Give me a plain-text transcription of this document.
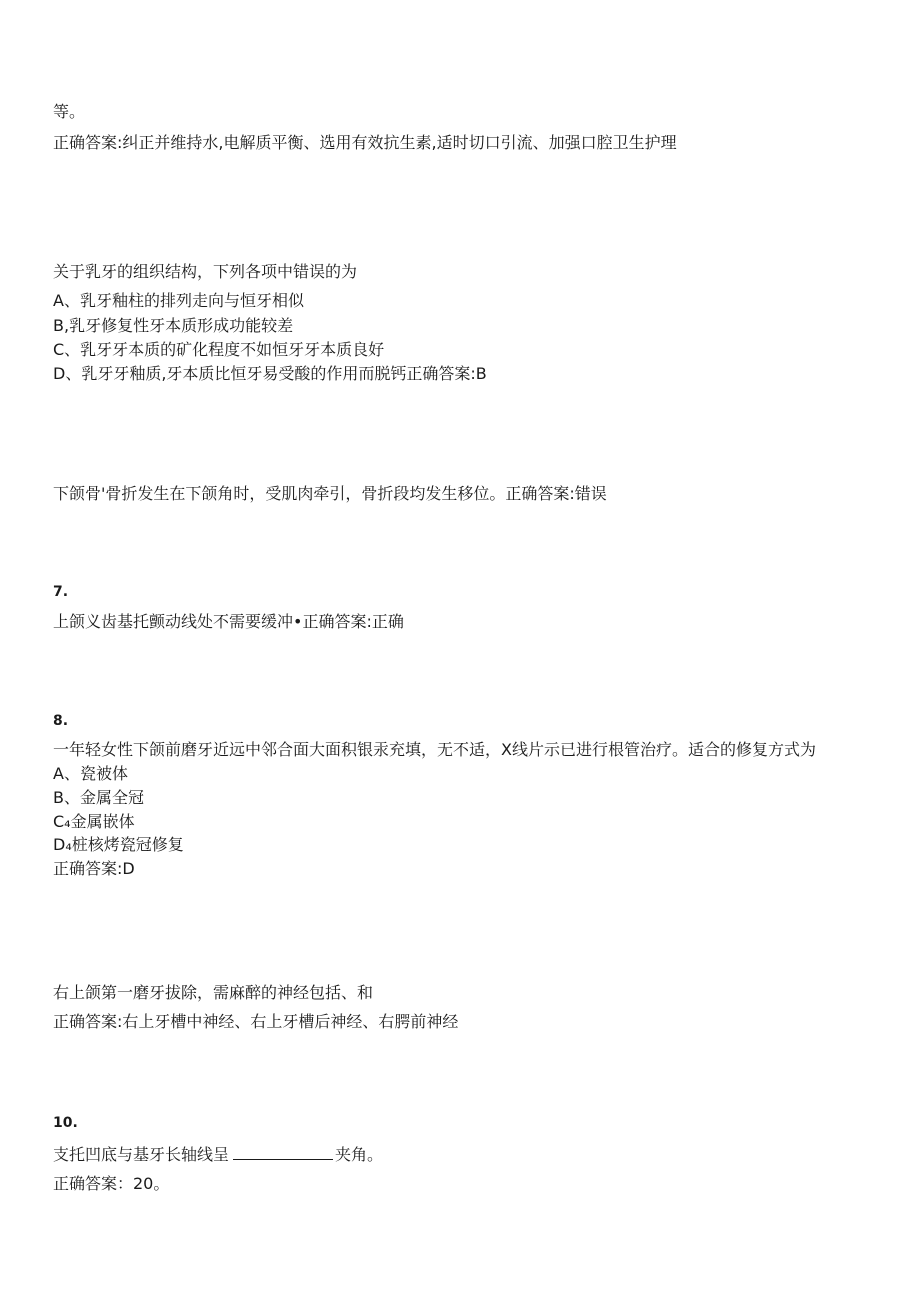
等。
正确答案:纠正并维持水,电解质平衡、选用有效抗生素,适时切口引流、加强口腔卫生护理
关于乳牙的组织结构，下列各项中错误的为
A、乳牙釉柱的排列走向与恒牙相似
B,乳牙修复性牙本质形成功能较差
C、乳牙牙本质的矿化程度不如恒牙牙本质良好
D、乳牙牙釉质,牙本质比恒牙易受酸的作用而脱钙正确答案:B
下颌骨'骨折发生在下颌角时，受肌肉牵引，骨折段均发生移位。正确答案:错误
7.
上颌义齿基托颤动线处不需要缓冲•正确答案:正确
8.
一年轻女性下颌前磨牙近远中邻合面大面积银汞充填，无不适，X线片示已进行根管治疗。适合的修复方式为
A、瓷被体
B、金属全冠
C₄金属嵌体
D₄桩核烤瓷冠修复
正确答案:D
右上颌第一磨牙拔除，需麻醉的神经包括、和
正确答案:右上牙槽中神经、右上牙槽后神经、右腭前神经
10.
支托凹底与基牙长轴线呈	夹角。
正确答案：20。
